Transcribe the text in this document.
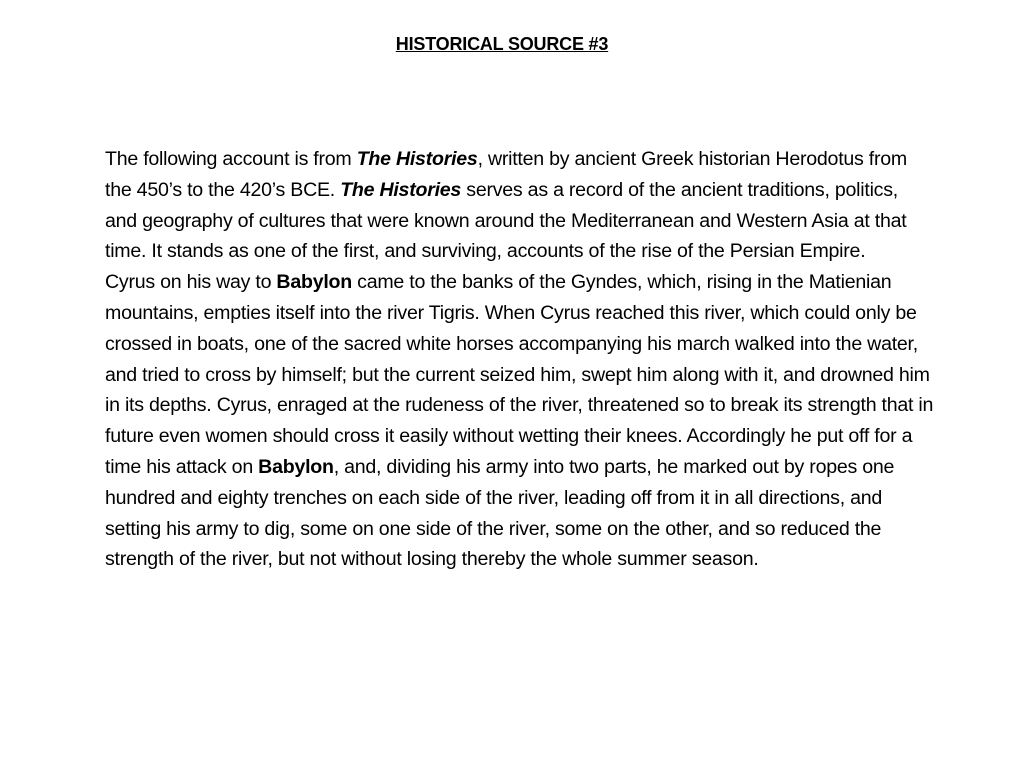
HISTORICAL SOURCE #3

The following account is from The Histories, written by ancient Greek historian Herodotus from the 450’s to the 420’s BCE. The Histories serves as a record of the ancient traditions, politics, and geography of cultures that were known around the Mediterranean and Western Asia at that time. It stands as one of the first, and surviving, accounts of the rise of the Persian Empire.

Cyrus on his way to Babylon came to the banks of the Gyndes, which, rising in the Matienian mountains, empties itself into the river Tigris. When Cyrus reached this river, which could only be crossed in boats, one of the sacred white horses accompanying his march walked into the water, and tried to cross by himself; but the current seized him, swept him along with it, and drowned him in its depths. Cyrus, enraged at the rudeness of the river, threatened so to break its strength that in future even women should cross it easily without wetting their knees. Accordingly he put off for a time his attack on Babylon, and, dividing his army into two parts, he marked out by ropes one hundred and eighty trenches on each side of the river, leading off from it in all directions, and setting his army to dig, some on one side of the river, some on the other, and so reduced the strength of the river, but not without losing thereby the whole summer season.
